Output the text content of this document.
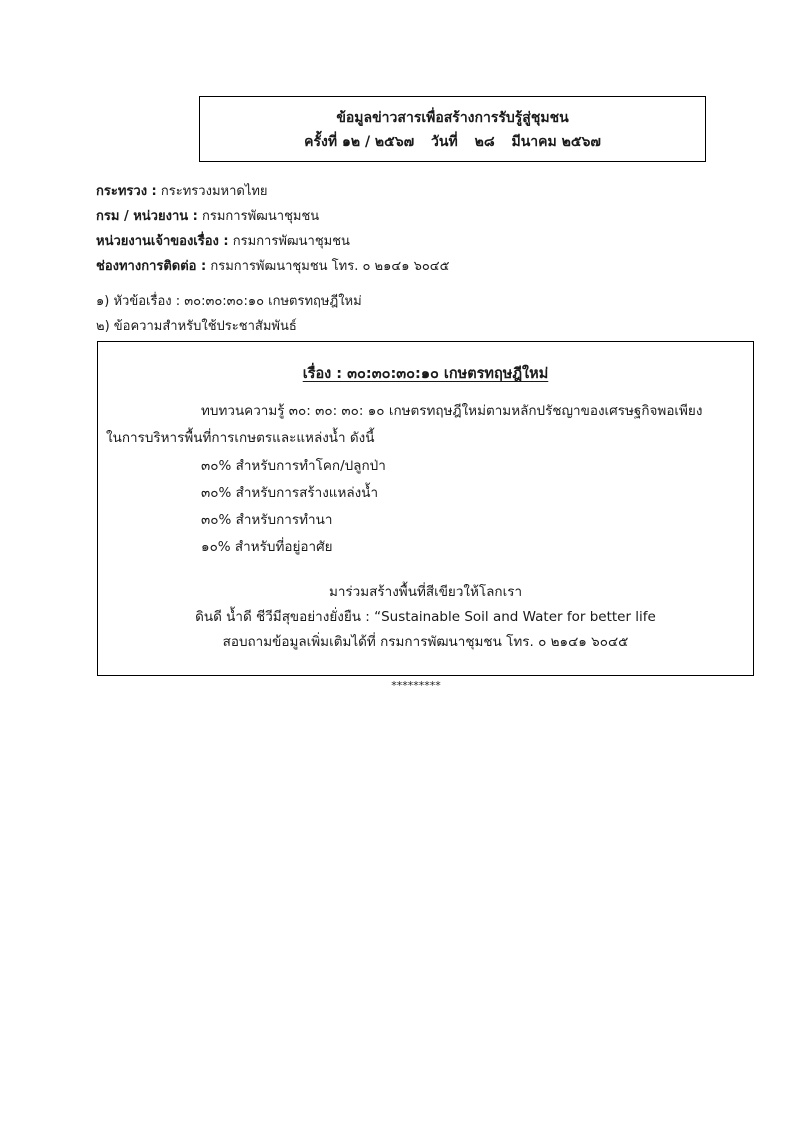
ข้อมูลข่าวสารเพื่อสร้างการรับรู้สู่ชุมชน
ครั้งที่ ๑๒ / ๒๕๖๗ วันที่ ๒๘ มีนาคม ๒๕๖๗
กระทรวง : กระทรวงมหาดไทย
กรม / หน่วยงาน : กรมการพัฒนาชุมชน
หน่วยงานเจ้าของเรื่อง : กรมการพัฒนาชุมชน
ช่องทางการติดต่อ : กรมการพัฒนาชุมชน โทร. ๐ ๒๑๔๑ ๖๐๔๕
๑) หัวข้อเรื่อง : ๓๐:๓๐:๓๐:๑๐ เกษตรทฤษฎีใหม่
๒) ข้อความสำหรับใช้ประชาสัมพันธ์
เรื่อง : ๓๐:๓๐:๓๐:๑๐ เกษตรทฤษฎีใหม่
ทบทวนความรู้ ๓๐: ๓๐: ๓๐: ๑๐ เกษตรทฤษฎีใหม่ตามหลักปรัชญาของเศรษฐกิจพอเพียง
ในการบริหารพื้นที่การเกษตรและแหล่งน้ำ ดังนี้
๓๐% สำหรับการทำโคก/ปลูกป่า
๓๐% สำหรับการสร้างแหล่งน้ำ
๓๐% สำหรับการทำนา
๑๐% สำหรับที่อยู่อาศัย
มาร่วมสร้างพื้นที่สีเขียวให้โลกเรา
ดินดี น้ำดี ชีวีมีสุขอย่างยั่งยืน : “Sustainable Soil and Water for better life
สอบถามข้อมูลเพิ่มเติมได้ที่ กรมการพัฒนาชุมชน โทร. ๐ ๒๑๔๑ ๖๐๔๕
*********
